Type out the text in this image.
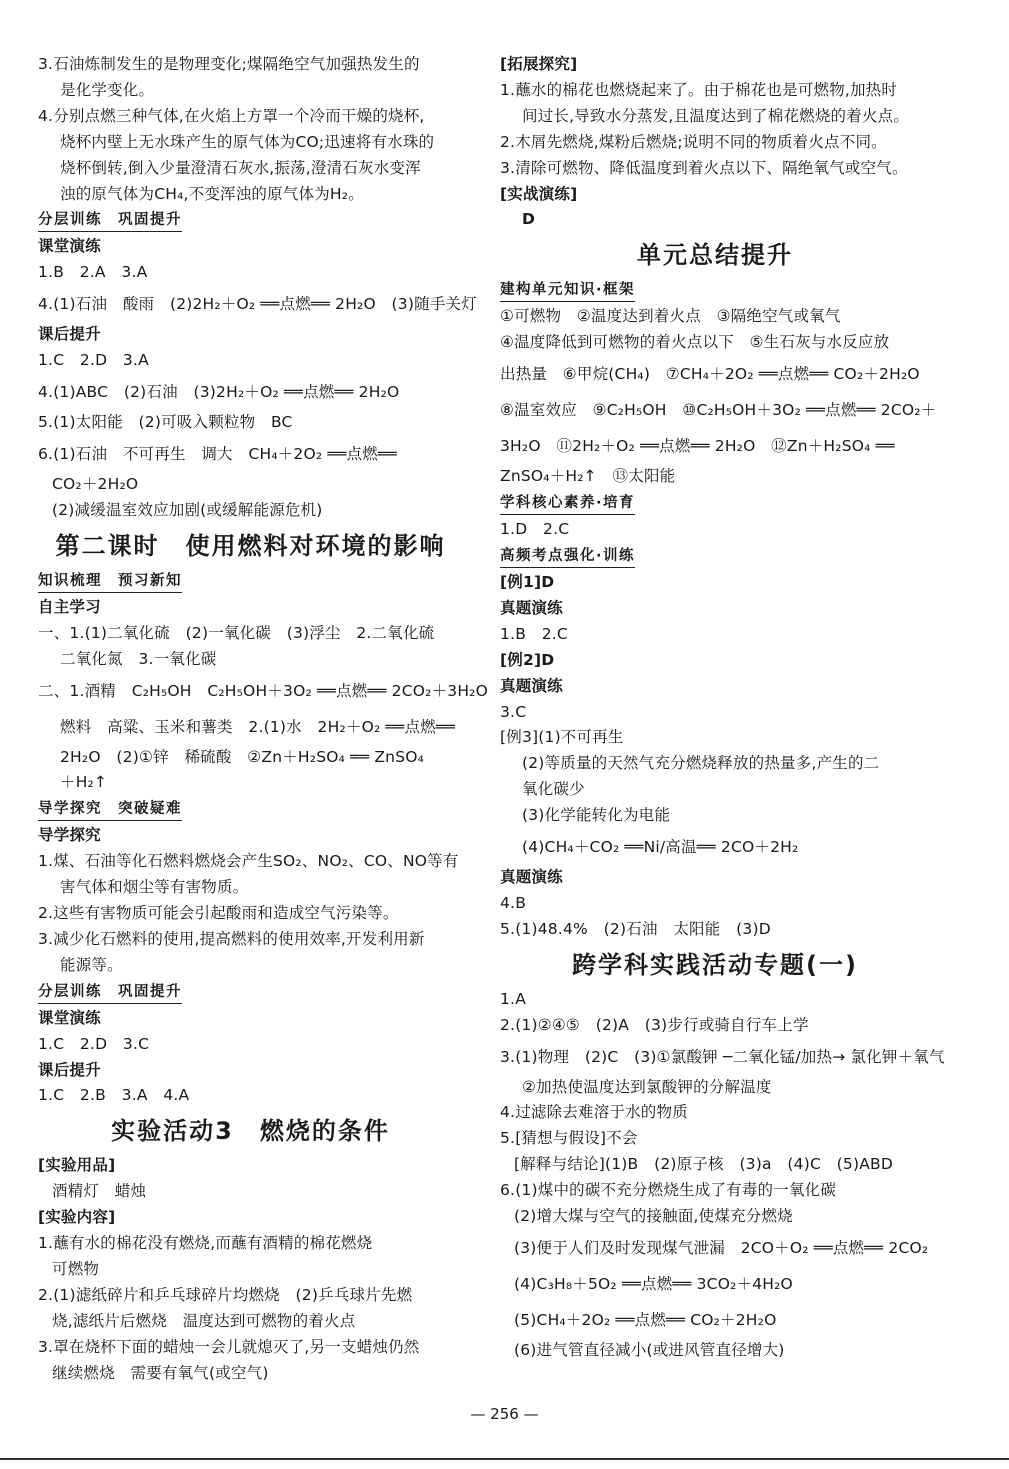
3.石油炼制发生的是物理变化;煤隔绝空气加强热发生的
是化学变化。
4.分别点燃三种气体,在火焰上方罩一个冷而干燥的烧杯,
烧杯内壁上无水珠产生的原气体为CO;迅速将有水珠的
烧杯倒转,倒入少量澄清石灰水,振荡,澄清石灰水变浑
浊的原气体为CH₄,不变浑浊的原气体为H₂。
分层训练　巩固提升
课堂演练
1.B　2.A　3.A
4.(1)石油　酸雨　(2)2H₂＋O₂ ══点燃══ 2H₂O　(3)随手关灯
课后提升
1.C　2.D　3.A
4.(1)ABC　(2)石油　(3)2H₂＋O₂ ══点燃══ 2H₂O
5.(1)太阳能　(2)可吸入颗粒物　BC
6.(1)石油　不可再生　调大　CH₄＋2O₂ ══点燃══
CO₂＋2H₂O
(2)减缓温室效应加剧(或缓解能源危机)
第二课时　使用燃料对环境的影响
知识梳理　预习新知
自主学习
一、1.(1)二氧化硫　(2)一氧化碳　(3)浮尘　2.二氧化硫
二氧化氮　3.一氧化碳
二、1.酒精　C₂H₅OH　C₂H₅OH＋3O₂ ══点燃══ 2CO₂＋3H₂O
燃料　高粱、玉米和薯类　2.(1)水　2H₂＋O₂ ══点燃══
2H₂O　(2)①锌　稀硫酸　②Zn＋H₂SO₄ ══ ZnSO₄
＋H₂↑
导学探究　突破疑难
导学探究
1.煤、石油等化石燃料燃烧会产生SO₂、NO₂、CO、NO等有
害气体和烟尘等有害物质。
2.这些有害物质可能会引起酸雨和造成空气污染等。
3.减少化石燃料的使用,提高燃料的使用效率,开发利用新
能源等。
分层训练　巩固提升
课堂演练
1.C　2.D　3.C
课后提升
1.C　2.B　3.A　4.A
实验活动3　燃烧的条件
[实验用品]
酒精灯　蜡烛
[实验内容]
1.蘸有水的棉花没有燃烧,而蘸有酒精的棉花燃烧
可燃物
2.(1)滤纸碎片和乒乓球碎片均燃烧　(2)乒乓球片先燃
烧,滤纸片后燃烧　温度达到可燃物的着火点
3.罩在烧杯下面的蜡烛一会儿就熄灭了,另一支蜡烛仍然
继续燃烧　需要有氧气(或空气)
[拓展探究]
1.蘸水的棉花也燃烧起来了。由于棉花也是可燃物,加热时
间过长,导致水分蒸发,且温度达到了棉花燃烧的着火点。
2.木屑先燃烧,煤粉后燃烧;说明不同的物质着火点不同。
3.清除可燃物、降低温度到着火点以下、隔绝氧气或空气。
[实战演练]
D
单元总结提升
建构单元知识·框架
①可燃物　②温度达到着火点　③隔绝空气或氧气
④温度降低到可燃物的着火点以下　⑤生石灰与水反应放
出热量　⑥甲烷(CH₄)　⑦CH₄＋2O₂ ══点燃══ CO₂＋2H₂O
⑧温室效应　⑨C₂H₅OH　⑩C₂H₅OH＋3O₂ ══点燃══ 2CO₂＋
3H₂O　⑪2H₂＋O₂ ══点燃══ 2H₂O　⑫Zn＋H₂SO₄ ══
ZnSO₄＋H₂↑　⑬太阳能
学科核心素养·培育
1.D　2.C
高频考点强化·训练
[例1]D
真题演练
1.B　2.C
[例2]D
真题演练
3.C
[例3](1)不可再生
(2)等质量的天然气充分燃烧释放的热量多,产生的二
氧化碳少
(3)化学能转化为电能
(4)CH₄＋CO₂ ══Ni/高温══ 2CO＋2H₂
真题演练
4.B
5.(1)48.4%　(2)石油　太阳能　(3)D
跨学科实践活动专题(一)
1.A
2.(1)②④⑤　(2)A　(3)步行或骑自行车上学
3.(1)物理　(2)C　(3)①氯酸钾 ─二氧化锰/加热→ 氯化钾＋氧气
②加热使温度达到氯酸钾的分解温度
4.过滤除去难溶于水的物质
5.[猜想与假设]不会
[解释与结论](1)B　(2)原子核　(3)a　(4)C　(5)ABD
6.(1)煤中的碳不充分燃烧生成了有毒的一氧化碳
(2)增大煤与空气的接触面,使煤充分燃烧
(3)便于人们及时发现煤气泄漏　2CO＋O₂ ══点燃══ 2CO₂
(4)C₃H₈＋5O₂ ══点燃══ 3CO₂＋4H₂O
(5)CH₄＋2O₂ ══点燃══ CO₂＋2H₂O
(6)进气管直径减小(或进风管直径增大)
— 256 —
